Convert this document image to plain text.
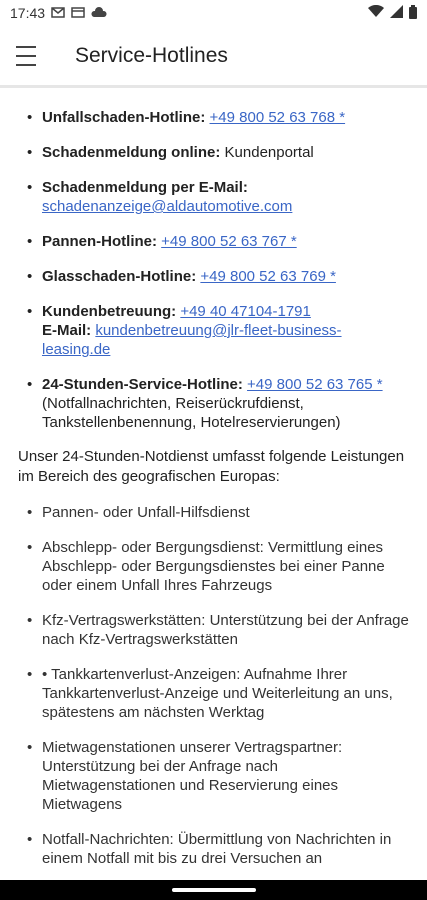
17:43
Service-Hotlines
• Unfallschaden-Hotline: +49 800 52 63 768 *
• Schadenmeldung online: Kundenportal
• Schadenmeldung per E-Mail:
schadenanzeige@aldautomotive.com
• Pannen-Hotline: +49 800 52 63 767 *
• Glasschaden-Hotline: +49 800 52 63 769 *
• Kundenbetreuung: +49 40 47104-1791
E-Mail: kundenbetreuung@jlr-fleet-business-leasing.de
• 24-Stunden-Service-Hotline: +49 800 52 63 765 *
(Notfallnachrichten, Reiserückrufdienst, Tankstellenbenennung, Hotelreservierungen)
Unser 24-Stunden-Notdienst umfasst folgende Leistungen im Bereich des geografischen Europas:
• Pannen- oder Unfall-Hilfsdienst
• Abschlepp- oder Bergungsdienst: Vermittlung eines Abschlepp- oder Bergungsdienstes bei einer Panne oder einem Unfall Ihres Fahrzeugs
• Kfz-Vertragswerkstätten: Unterstützung bei der Anfrage nach Kfz-Vertragswerkstätten
• • Tankkartenverlust-Anzeigen: Aufnahme Ihrer Tankkartenverlust-Anzeige und Weiterleitung an uns, spätestens am nächsten Werktag
• Mietwagenstationen unserer Vertragspartner: Unterstützung bei der Anfrage nach Mietwagenstationen und Reservierung eines Mietwagens
• Notfall-Nachrichten: Übermittlung von Nachrichten in einem Notfall mit bis zu drei Versuchen an
